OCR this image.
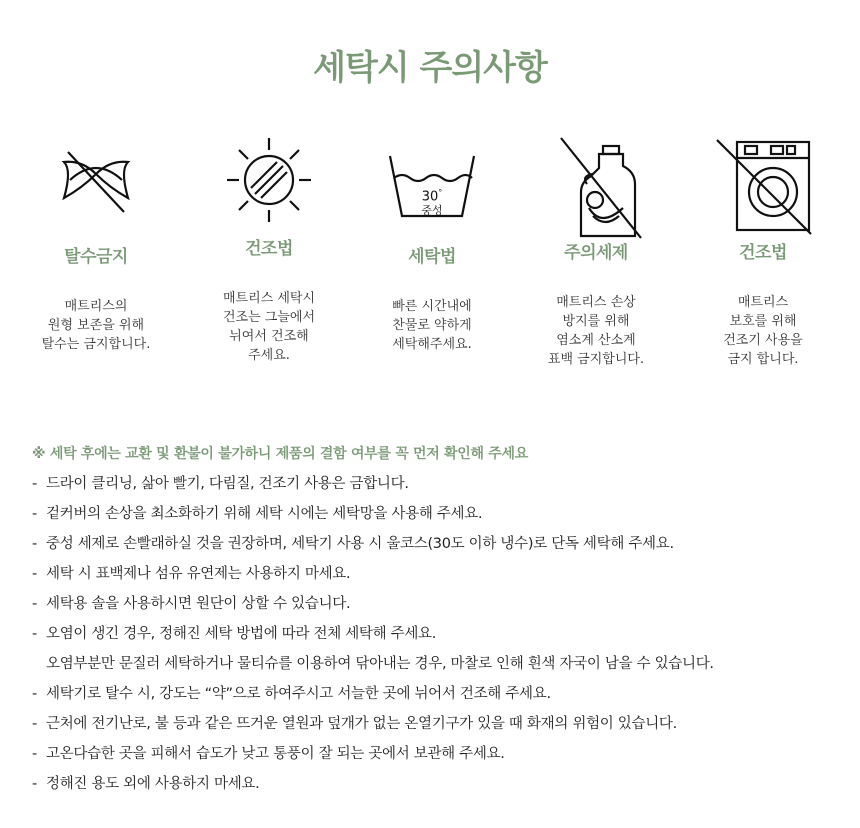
세탁시 주의사항
탈수금지
매트리스의
원형 보존을 위해
탈수는 금지합니다.
건조법
매트리스 세탁시
건조는 그늘에서
뉘여서 건조해
주세요.
30°
중성
세탁법
빠른 시간내에
찬물로 약하게
세탁해주세요.
주의세제
매트리스 손상
방지를 위해
염소계 산소계
표백 금지합니다.
건조법
매트리스
보호를 위해
건조기 사용을
금지 합니다.
※ 세탁 후에는 교환 및 환불이 불가하니 제품의 결함 여부를 꼭 먼저 확인해 주세요
- 드라이 클리닝, 삶아 빨기, 다림질, 건조기 사용은 금합니다.
- 겉커버의 손상을 최소화하기 위해 세탁 시에는 세탁망을 사용해 주세요.
- 중성 세제로 손빨래하실 것을 권장하며, 세탁기 사용 시 울코스(30도 이하 냉수)로 단독 세탁해 주세요.
- 세탁 시 표백제나 섬유 유연제는 사용하지 마세요.
- 세탁용 솔을 사용하시면 원단이 상할 수 있습니다.
- 오염이 생긴 경우, 정해진 세탁 방법에 따라 전체 세탁해 주세요.
오염부분만 문질러 세탁하거나 물티슈를 이용하여 닦아내는 경우, 마찰로 인해 흰색 자국이 남을 수 있습니다.
- 세탁기로 탈수 시, 강도는 “약”으로 하여주시고 서늘한 곳에 뉘어서 건조해 주세요.
- 근처에 전기난로, 불 등과 같은 뜨거운 열원과 덮개가 없는 온열기구가 있을 때 화재의 위험이 있습니다.
- 고온다습한 곳을 피해서 습도가 낮고 통풍이 잘 되는 곳에서 보관해 주세요.
- 정해진 용도 외에 사용하지 마세요.
